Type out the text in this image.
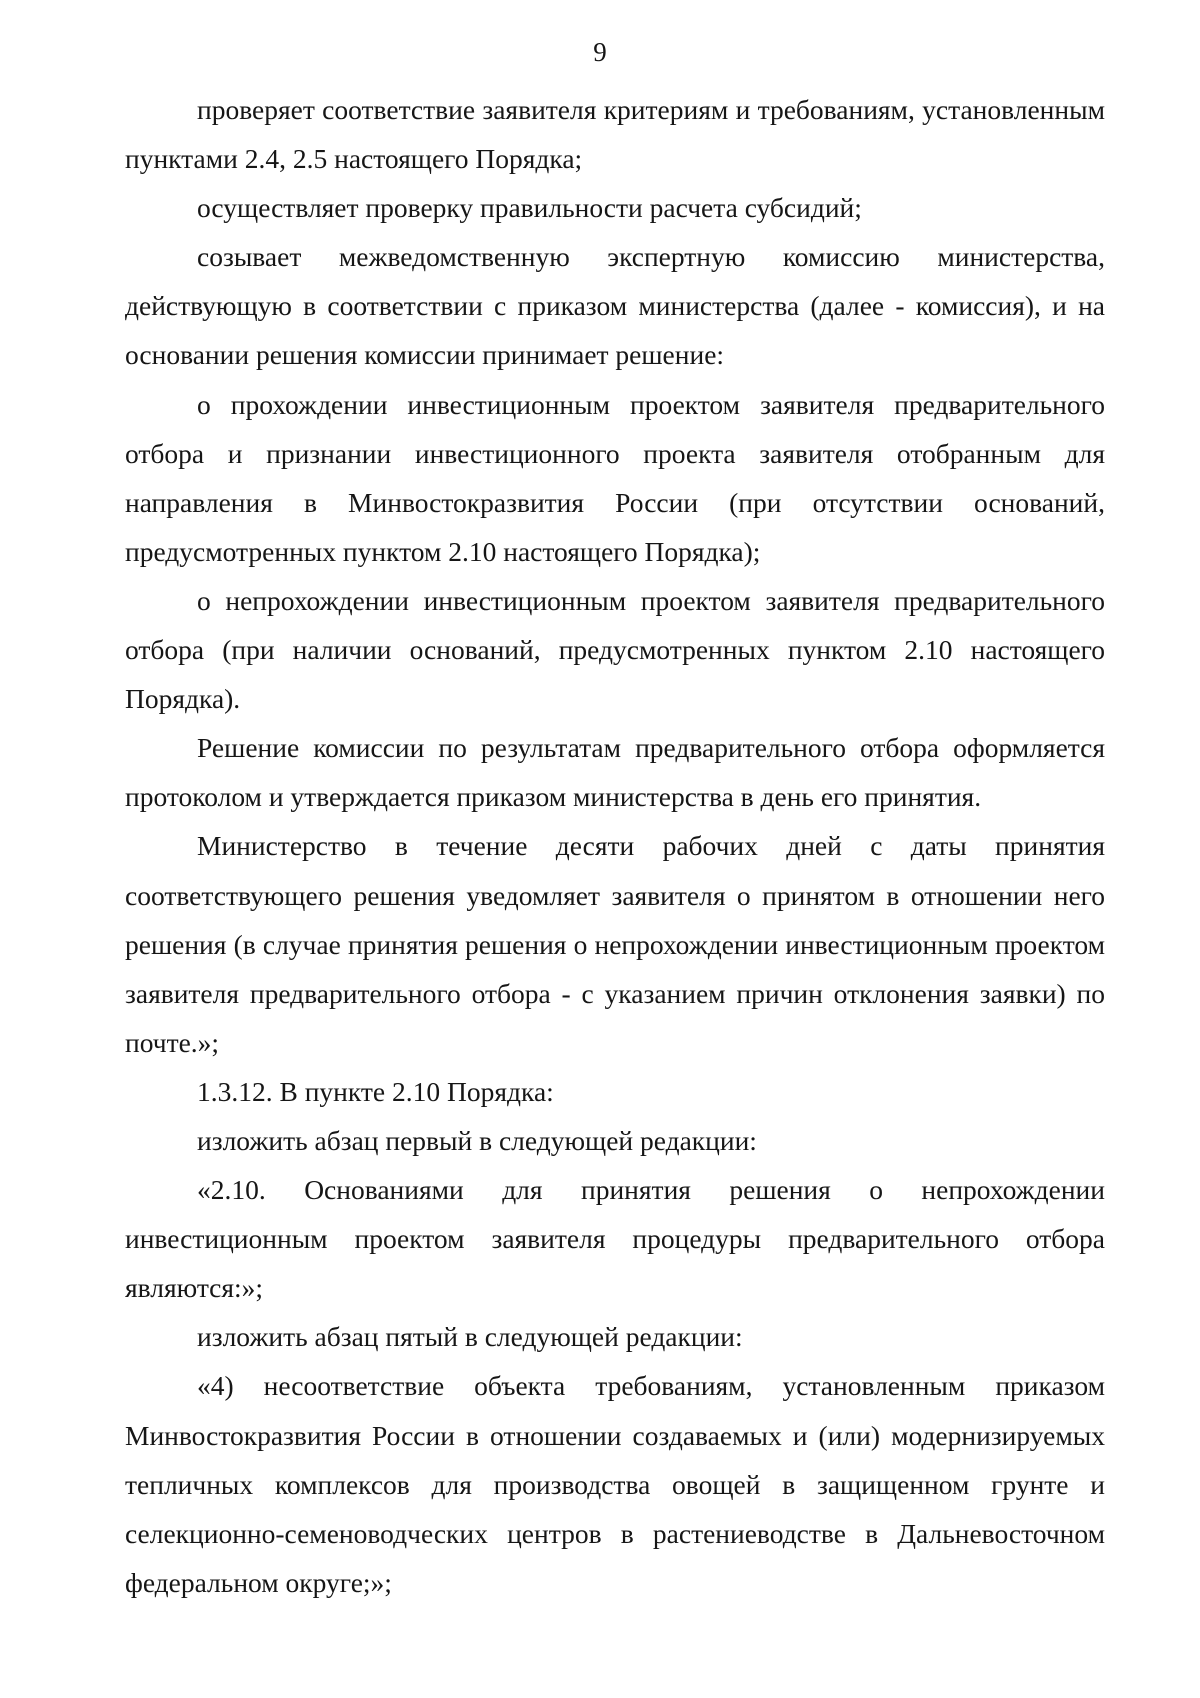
9

проверяет соответствие заявителя критериям и требованиям, установленным пунктами 2.4, 2.5 настоящего Порядка;

осуществляет проверку правильности расчета субсидий;

созывает межведомственную экспертную комиссию министерства, действующую в соответствии с приказом министерства (далее - комиссия), и на основании решения комиссии принимает решение:

о прохождении инвестиционным проектом заявителя предварительного отбора и признании инвестиционного проекта заявителя отобранным для направления в Минвостокразвития России (при отсутствии оснований, предусмотренных пунктом 2.10 настоящего Порядка);

о непрохождении инвестиционным проектом заявителя предварительного отбора (при наличии оснований, предусмотренных пунктом 2.10 настоящего Порядка).

Решение комиссии по результатам предварительного отбора оформляется протоколом и утверждается приказом министерства в день его принятия.

Министерство в течение десяти рабочих дней с даты принятия соответствующего решения уведомляет заявителя о принятом в отношении него решения (в случае принятия решения о непрохождении инвестиционным проектом заявителя предварительного отбора - с указанием причин отклонения заявки) по почте.»;

1.3.12. В пункте 2.10 Порядка:

изложить абзац первый в следующей редакции:

«2.10. Основаниями для принятия решения о непрохождении инвестиционным проектом заявителя процедуры предварительного отбора являются:»;

изложить абзац пятый в следующей редакции:

«4) несоответствие объекта требованиям, установленным приказом Минвостокразвития России в отношении создаваемых и (или) модернизируемых тепличных комплексов для производства овощей в защищенном грунте и селекционно-семеноводческих центров в растениеводстве в Дальневосточном федеральном округе;»;
